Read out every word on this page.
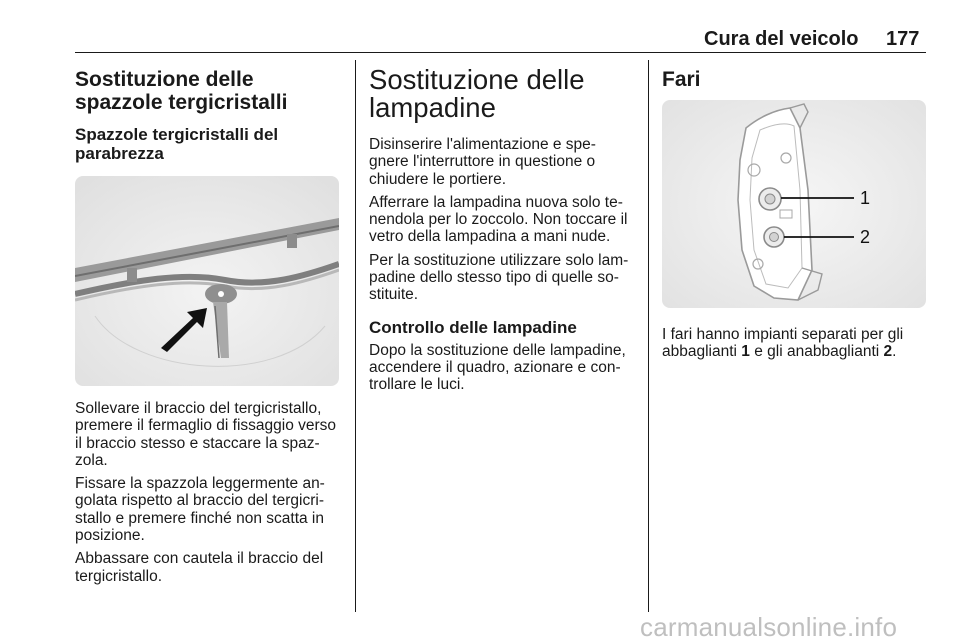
Cura del veicolo 177
Sostituzione delle spazzole tergicristalli
Spazzole tergicristalli del parabrezza

Sollevare il braccio del tergicristallo, premere il fermaglio di fissaggio verso il braccio stesso e staccare la spaz-zola.

Fissare la spazzola leggermente an-golata rispetto al braccio del tergicri-stallo e premere finché non scatta in posizione.

Abbassare con cautela il braccio del tergicristallo.

Sostituzione delle lampadine

Disinserire l'alimentazione e spe-gnere l'interruttore in questione o chiudere le portiere.

Afferrare la lampadina nuova solo te-nendola per lo zoccolo. Non toccare il vetro della lampadina a mani nude.

Per la sostituzione utilizzare solo lam-padine dello stesso tipo di quelle so-stituite.

Controllo delle lampadine

Dopo la sostituzione delle lampadine, accendere il quadro, azionare e con-trollare le luci.

Fari
1
2

I fari hanno impianti separati per gli abbaglianti 1 e gli anabbaglianti 2.

carmanualsonline.info
